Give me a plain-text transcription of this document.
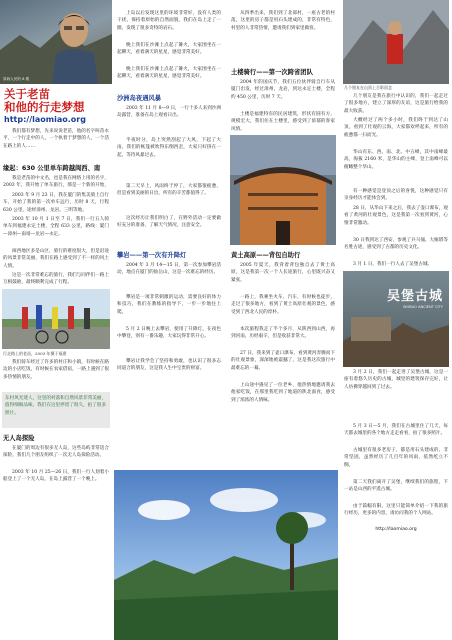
原载人民的 8 期
关于老苗
和他的行走梦想
http://laomiao.org

我们都有梦想，先来说说老苗，他的名字叫苗永平，一个行走中的人，一个执着于梦想的人，一个活在路上的人……

缘起：630 公里单车跨越闽西、南

我是老苗的中文名，也是我在网络上用的名字，2003 年，我开始了单车旅行，那是一个新的开始，

2003 年 9 月 23 日，我在厦门的集美骑上自行车，开始了我的第一次单车远行，历时 8 天，行程 630 公里，途经漳州、龙岩、三明等地。

2003 年 10 月 1 日至 7 日，我们一行五人骑单车到福建永定土楼，全程 633 公里，路线：厦门—漳州—南靖—龙岩—永定。

闽西地区多是山区，骑行的难度很大，但是沿途的风景非常美丽，我们在路上感受到了不一样的风土人情。

这是一次非常难忘的旅行，我们与同伴们一路上互相鼓励，最终顺利完成了行程。

行走路上的老苗，2003 年摄于福建

我们骑车经过了许多的村庄和小镇，有时候在路边的小店吃饭，有时候在农家借宿，一路上遇到了很多热情的朋友。

东村风光迷人，这里的村落和自然风景非常美丽，值得细细品味，我们在这里停留了很久，拍了很多照片。
无人岛探险

在厦门的周边有很多无人岛，这些岛屿非常适合探险，我们几个朋友组织了一次无人岛探险活动。

2003 年 10 月 25—26 日，我们一行人划着小船登上了一个无人岛，在岛上露营了一个晚上。

上岛以后发现这里的环境非常好，没有人类的干扰，保持着原始的自然面貌，我们在岛上走了一圈，发现了很多奇特的岩石。

晚上我们在沙滩上点起了篝火，大家围坐在一起聊天，看着满天的星星，感觉非常美好。

晚上我们在沙滩上点起了篝火，大家围坐在一起聊天，看着满天的星星，感觉非常美好。

沙洲岛夜遇风暴

2003 年 11 月 8—9 日，一行十多人来到沙洲岛露营，准备在岛上观看日出。

半夜时分，岛上突然刮起了大风，下起了大雨，我们的帐篷被吹得东倒西歪，大家只好挤在一起，等待风暴过去。

第二天早上，风雨终于停了，大家都很疲惫，但是看到美丽的日出，所有的辛苦都值得了。

这次经历让我们明白了，在野外活动一定要做好充分的准备，了解天气情况，注意安全。

攀岩——第一次有升降灯

2004 年 3 月 14—15 日，第一次参加攀岩活动，地点在厦门的仙岳山，这是一次难忘的经历。

攀岩是一项非常刺激的运动，需要良好的体力和技巧，我们在教练的指导下，一步一步地往上爬。

5 月 2 日晚上去攀岩，使用了升降灯，在夜色中攀登，别有一番乐趣，大家玩得非常开心。

攀岩让我学会了坚持和勇敢，也认识了很多志同道合的朋友，这是我人生中宝贵的财富。

从四季出来，我们到了北部村，一座古老的村落，这里的房子都是用石头建成的，非常有特色，村里的人非常热情，邀请我们到家里做客。

土楼骑行——第一次跨省团队

2004 年的国庆节，我们五位伙伴骑自行车从厦门出发，经过漳州、龙岩，到达永定土楼，全程约 450 公里，历时 7 天。

土楼是福建特有的民居建筑，形状有圆有方，规模宏大，我们住在土楼里，感受到了浓郁的客家风情。

黄土高原——背包自助行

2005 年夏天，我背着背包独自去了黄土高原，这是我第一次一个人长途旅行，心里既兴奋又紧张。

一路上，我乘坐火车、汽车，有时候也徒步，走过了很多地方，看到了黄土高原壮观的景色，感受到了西北人民的淳朴。

本次旅程我走了半个多月，从陕西到山西，再到河南，历经艰辛，但是收获非常大。

27 日，我来到了壶口瀑布，看到黄河奔腾而下的壮观景象，深深地被震撼了，这是我这次旅行中最难忘的一幕。

上山途中遇见了一位老乡，他热情地邀请我去他家吃饭，在那里我吃到了地道的陕北面食，感受到了浓浓的人情味。

几个朋友在山顶上合影留念

几个朋友是我在旅行中认识的，我们一起走过了很多地方，建立了深厚的友谊，这是旅行给我的最大收获。

大概经过了两个多小时，我们终于到达了山顶，看到了壮观的云海，大家都欢呼起来，所有的疲惫都一扫而光。

华山有东、西、南、北、中五峰，其中南峰最高，海拔 2160 米，是华山的主峰，登上南峰可以俯瞰整个华山。

有一种感觉是登顶之后的喜悦，这种感觉只有亲身经历才能体会到。

28 日，从华山下来之后，我去了壶口瀑布，观看了黄河的壮观景色，这是我第一次看到黄河，心情非常激动。

30 日我到达了西安，参观了兵马俑、大雁塔等名胜古迹，感受到了古都的历史文化。

3 月 1 日，我们一行人去了吴堡古城。

吴堡古城
WUBAO ANCIENT CITY

3 月 2 日，我们一起走进了吴堡古城，这是一座有着悠久历史的古城，城里的建筑保存完好，让人仿佛穿越回到了过去。

5 月 3 日—5 月，我们在古城里住了几天，每天都去城里的各个地方走走看看，拍了很多照片。

古城里有很多老房子，都是用石头建成的，非常坚固，虽然经历了几百年的风雨，依然屹立不倒。

第二天我们离开了吴堡，继续我们的旅程，下一站是山西的平遥古城。

由于篇幅有限，这里只能简单介绍一下我的旅行经历，更多的内容，请访问我的个人网站。

http://laomiao.org
